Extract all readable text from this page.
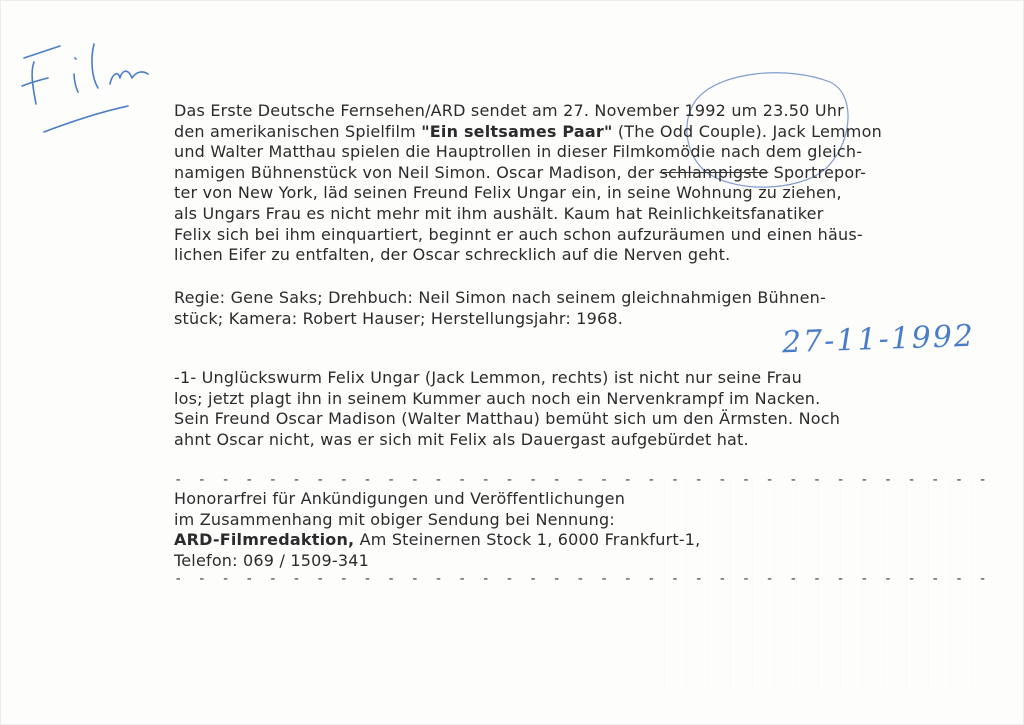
Das Erste Deutsche Fernsehen/ARD sendet am 27. November 1992 um 23.50 Uhr
den amerikanischen Spielfilm "Ein seltsames Paar" (The Odd Couple). Jack Lemmon
und Walter Matthau spielen die Hauptrollen in dieser Filmkomödie nach dem gleich-
namigen Bühnenstück von Neil Simon. Oscar Madison, der schlampigste Sportrepor-
ter von New York, läd seinen Freund Felix Ungar ein, in seine Wohnung zu ziehen,
als Ungars Frau es nicht mehr mit ihm aushält. Kaum hat Reinlichkeitsfanatiker
Felix sich bei ihm einquartiert, beginnt er auch schon aufzuräumen und einen häus-
lichen Eifer zu entfalten, der Oscar schrecklich auf die Nerven geht.
Regie: Gene Saks; Drehbuch: Neil Simon nach seinem gleichnahmigen Bühnen-
stück; Kamera: Robert Hauser; Herstellungsjahr: 1968.
27-11-1992
-1- Unglückswurm Felix Ungar (Jack Lemmon, rechts) ist nicht nur seine Frau
los; jetzt plagt ihn in seinem Kummer auch noch ein Nervenkrampf im Nacken.
Sein Freund Oscar Madison (Walter Matthau) bemüht sich um den Ärmsten. Noch
ahnt Oscar nicht, was er sich mit Felix als Dauergast aufgebürdet hat.
- - - - - - - - - - - - - - - - - - - - - - - - - - - - - - - - - - -
Honorarfrei für Ankündigungen und Veröffentlichungen
im Zusammenhang mit obiger Sendung bei Nennung:
ARD-Filmredaktion, Am Steinernen Stock 1, 6000 Frankfurt-1,
Telefon: 069 / 1509-341
- - - - - - - - - - - - - - - - - - - - - - - - - - - - - - - - - - -
